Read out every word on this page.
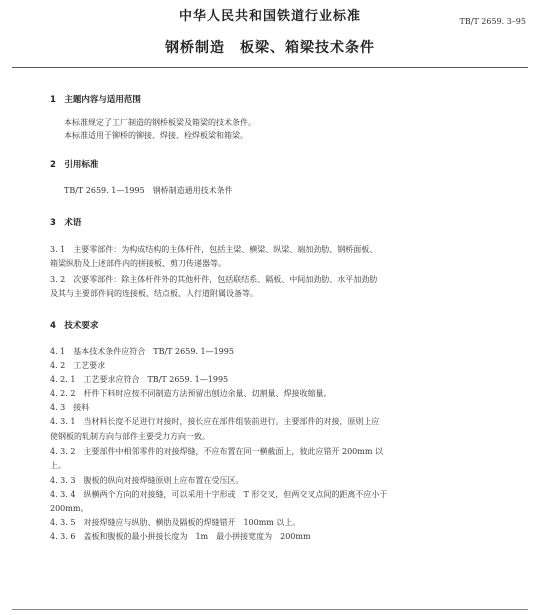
中华人民共和国铁道行业标准	TB/T 2659. 3–95
钢桥制造　板梁、箱梁技术条件
1　主题内容与适用范围
本标准规定了工厂制造的钢桥板梁及箱梁的技术条件。
本标准适用于铆桥的铆接、焊接、栓焊板梁和箱梁。
2　引用标准
TB/T 2659. 1—1995　钢桥制造通用技术条件
3　术语
3. 1　主要零部件：为构成结构的主体杆件，包括主梁、横梁、纵梁、端加劲肋、钢桥面板、
箱梁纵肋及上述部件内的拼接板、剪刀传递器等。
3. 2　次要零部件：除主体杆件外的其他杆件，包括联结系、隔板、中间加劲肋、水平加劲肋
及其与主要部件间的连接板、结点板、人行道附属设备等。
4　技术要求
4. 1　基本技术条件应符合　TB/T 2659. 1—1995
4. 2　工艺要求
4. 2. 1　工艺要求应符合　TB/T 2659. 1—1995
4. 2. 2　杆件下料时应按不同制造方法预留出刨边余量、切割量、焊接收缩量。
4. 3　接料
4. 3. 1　当材料长度不足进行对接时，接长应在部件组装前进行。主要部件的对接，原则上应
使钢板的轧制方向与部件主要受力方向一致。
4. 3. 2　主要部件中相邻零件的对接焊缝，不应布置在同一横截面上，彼此应错开 200mm 以
上。
4. 3. 3　腹板的纵向对接焊缝原则上应布置在受压区。
4. 3. 4　纵横两个方向的对接缝，可以采用十字形或　T 形交叉，但两交叉点间的距离不应小于
200mm。
4. 3. 5　对接焊缝应与纵肋、横肋及隔板的焊缝错开　100mm 以上。
4. 3. 6　盖板和腹板的最小拼接长度为　1m　最小拼接宽度为　200mm
